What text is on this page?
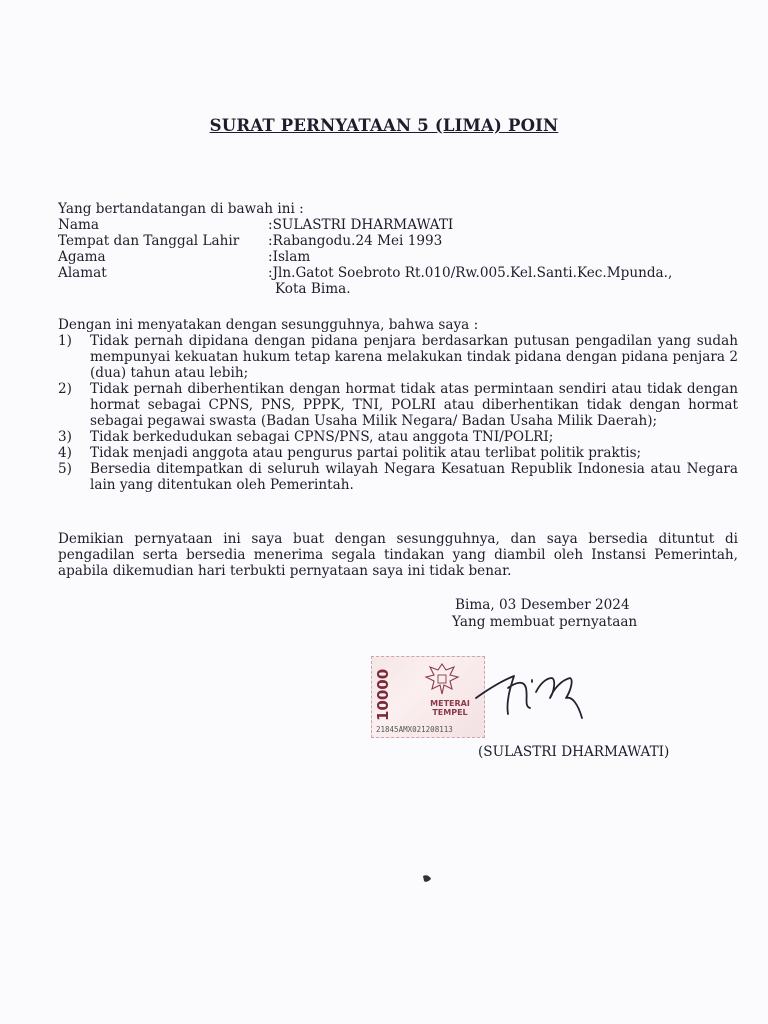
SURAT PERNYATAAN 5 (LIMA) POIN
Yang bertandatangan di bawah ini :
Nama	:SULASTRI DHARMAWATI
Tempat dan Tanggal Lahir	:Rabangodu.24 Mei 1993
Agama	:Islam
Alamat	:Jln.Gatot Soebroto Rt.010/Rw.005.Kel.Santi.Kec.Mpunda.,
Kota Bima.
Dengan ini menyatakan dengan sesungguhnya, bahwa saya :
1)	Tidak pernah dipidana dengan pidana penjara berdasarkan putusan pengadilan yang sudah mempunyai kekuatan hukum tetap karena melakukan tindak pidana dengan pidana penjara 2 (dua) tahun atau lebih;
2)	Tidak pernah diberhentikan dengan hormat tidak atas permintaan sendiri atau tidak dengan hormat sebagai CPNS, PNS, PPPK, TNI, POLRI atau diberhentikan tidak dengan hormat sebagai pegawai swasta (Badan Usaha Milik Negara/ Badan Usaha Milik Daerah);
3)	Tidak berkedudukan sebagai CPNS/PNS, atau anggota TNI/POLRI;
4)	Tidak menjadi anggota atau pengurus partai politik atau terlibat politik praktis;
5)	Bersedia ditempatkan di seluruh wilayah Negara Kesatuan Republik Indonesia atau Negara lain yang ditentukan oleh Pemerintah.
Demikian pernyataan ini saya buat dengan sesungguhnya, dan saya bersedia dituntut di pengadilan serta bersedia menerima segala tindakan yang diambil oleh Instansi Pemerintah, apabila dikemudian hari terbukti pernyataan saya ini tidak benar.
Bima, 03 Desember 2024
Yang membuat pernyataan
10000	METERAI TEMPEL
21845AMX021208113
(SULASTRI DHARMAWATI)
